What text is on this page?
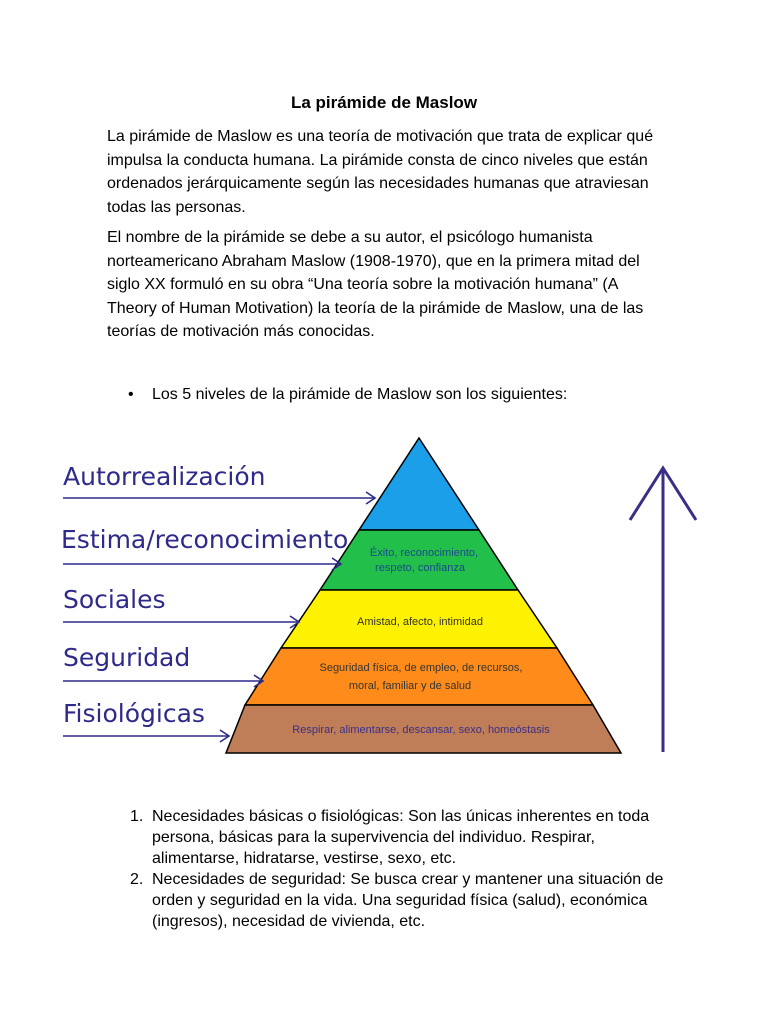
La pirámide de Maslow

La pirámide de Maslow es una teoría de motivación que trata de explicar qué impulsa la conducta humana. La pirámide consta de cinco niveles que están ordenados jerárquicamente según las necesidades humanas que atraviesan todas las personas.

El nombre de la pirámide se debe a su autor, el psicólogo humanista norteamericano Abraham Maslow (1908-1970), que en la primera mitad del siglo XX formuló en su obra “Una teoría sobre la motivación humana” (A Theory of Human Motivation) la teoría de la pirámide de Maslow, una de las teorías de motivación más conocidas.

• Los 5 niveles de la pirámide de Maslow son los siguientes:
Éxito, reconocimiento,
respeto, confianza
Amistad, afecto, intimidad
Seguridad física, de empleo, de recursos,
moral, familiar y de salud
Respirar, alimentarse, descansar, sexo, homeóstasis
Autorrealización
Estima/reconocimiento
Sociales
Seguridad
Fisiológicas
1. Necesidades básicas o fisiológicas: Son las únicas inherentes en toda persona, básicas para la supervivencia del individuo. Respirar, alimentarse, hidratarse, vestirse, sexo, etc.
2. Necesidades de seguridad: Se busca crear y mantener una situación de orden y seguridad en la vida. Una seguridad física (salud), económica (ingresos), necesidad de vivienda, etc.
